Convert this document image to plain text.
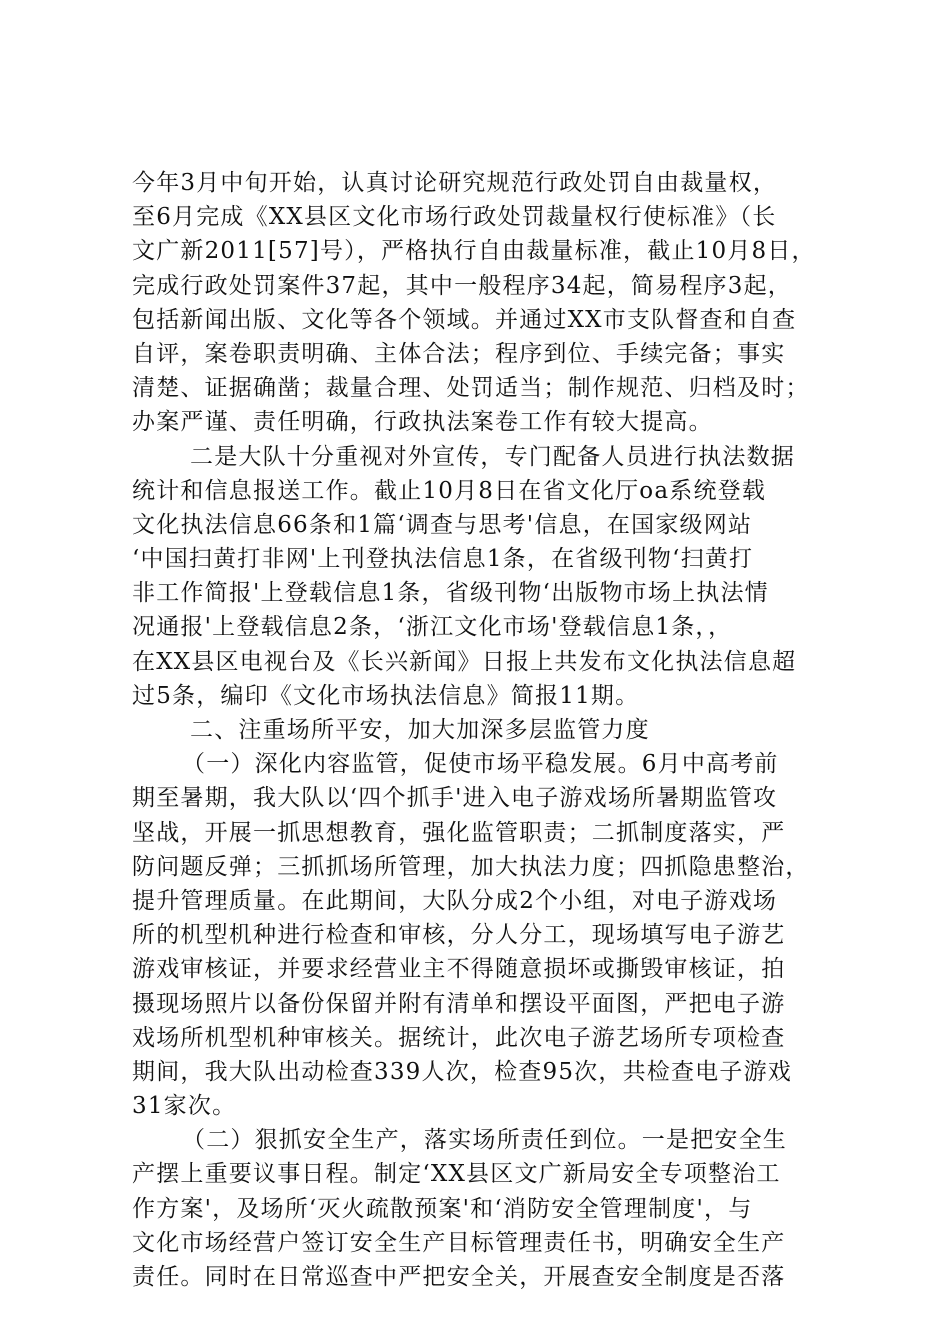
今年3月中旬开始，认真讨论研究规范行政处罚自由裁量权，
至6月完成《XX县区文化市场行政处罚裁量权行使标准》（长
文广新2011[57]号），严格执行自由裁量标准，截止10月8日，
完成行政处罚案件37起，其中一般程序34起，简易程序3起，
包括新闻出版、文化等各个领域。并通过XX市支队督查和自查
自评，案卷职责明确、主体合法；程序到位、手续完备；事实
清楚、证据确凿；裁量合理、处罚适当；制作规范、归档及时；
办案严谨、责任明确，行政执法案卷工作有较大提高。
二是大队十分重视对外宣传，专门配备人员进行执法数据
统计和信息报送工作。截止10月8日在省文化厅oa系统登载
文化执法信息66条和1篇‘调查与思考'信息，在国家级网站
‘中国扫黄打非网'上刊登执法信息1条，在省级刊物‘扫黄打
非工作简报'上登载信息1条，省级刊物‘出版物市场上执法情
况通报'上登载信息2条，‘浙江文化市场'登载信息1条，，
在XX县区电视台及《长兴新闻》日报上共发布文化执法信息超
过5条，编印《文化市场执法信息》简报11期。
二、注重场所平安，加大加深多层监管力度
（一）深化内容监管，促使市场平稳发展。6月中高考前
期至暑期，我大队以‘四个抓手'进入电子游戏场所暑期监管攻
坚战，开展一抓思想教育，强化监管职责；二抓制度落实，严
防问题反弹；三抓抓场所管理，加大执法力度；四抓隐患整治，
提升管理质量。在此期间，大队分成2个小组，对电子游戏场
所的机型机种进行检查和审核，分人分工，现场填写电子游艺
游戏审核证，并要求经营业主不得随意损坏或撕毁审核证，拍
摄现场照片以备份保留并附有清单和摆设平面图，严把电子游
戏场所机型机种审核关。据统计，此次电子游艺场所专项检查
期间，我大队出动检查339人次，检查95次，共检查电子游戏
31家次。
（二）狠抓安全生产，落实场所责任到位。一是把安全生
产摆上重要议事日程。制定‘XX县区文广新局安全专项整治工
作方案'，及场所‘灭火疏散预案'和‘消防安全管理制度'，与
文化市场经营户签订安全生产目标管理责任书，明确安全生产
责任。同时在日常巡查中严把安全关，开展查安全制度是否落
